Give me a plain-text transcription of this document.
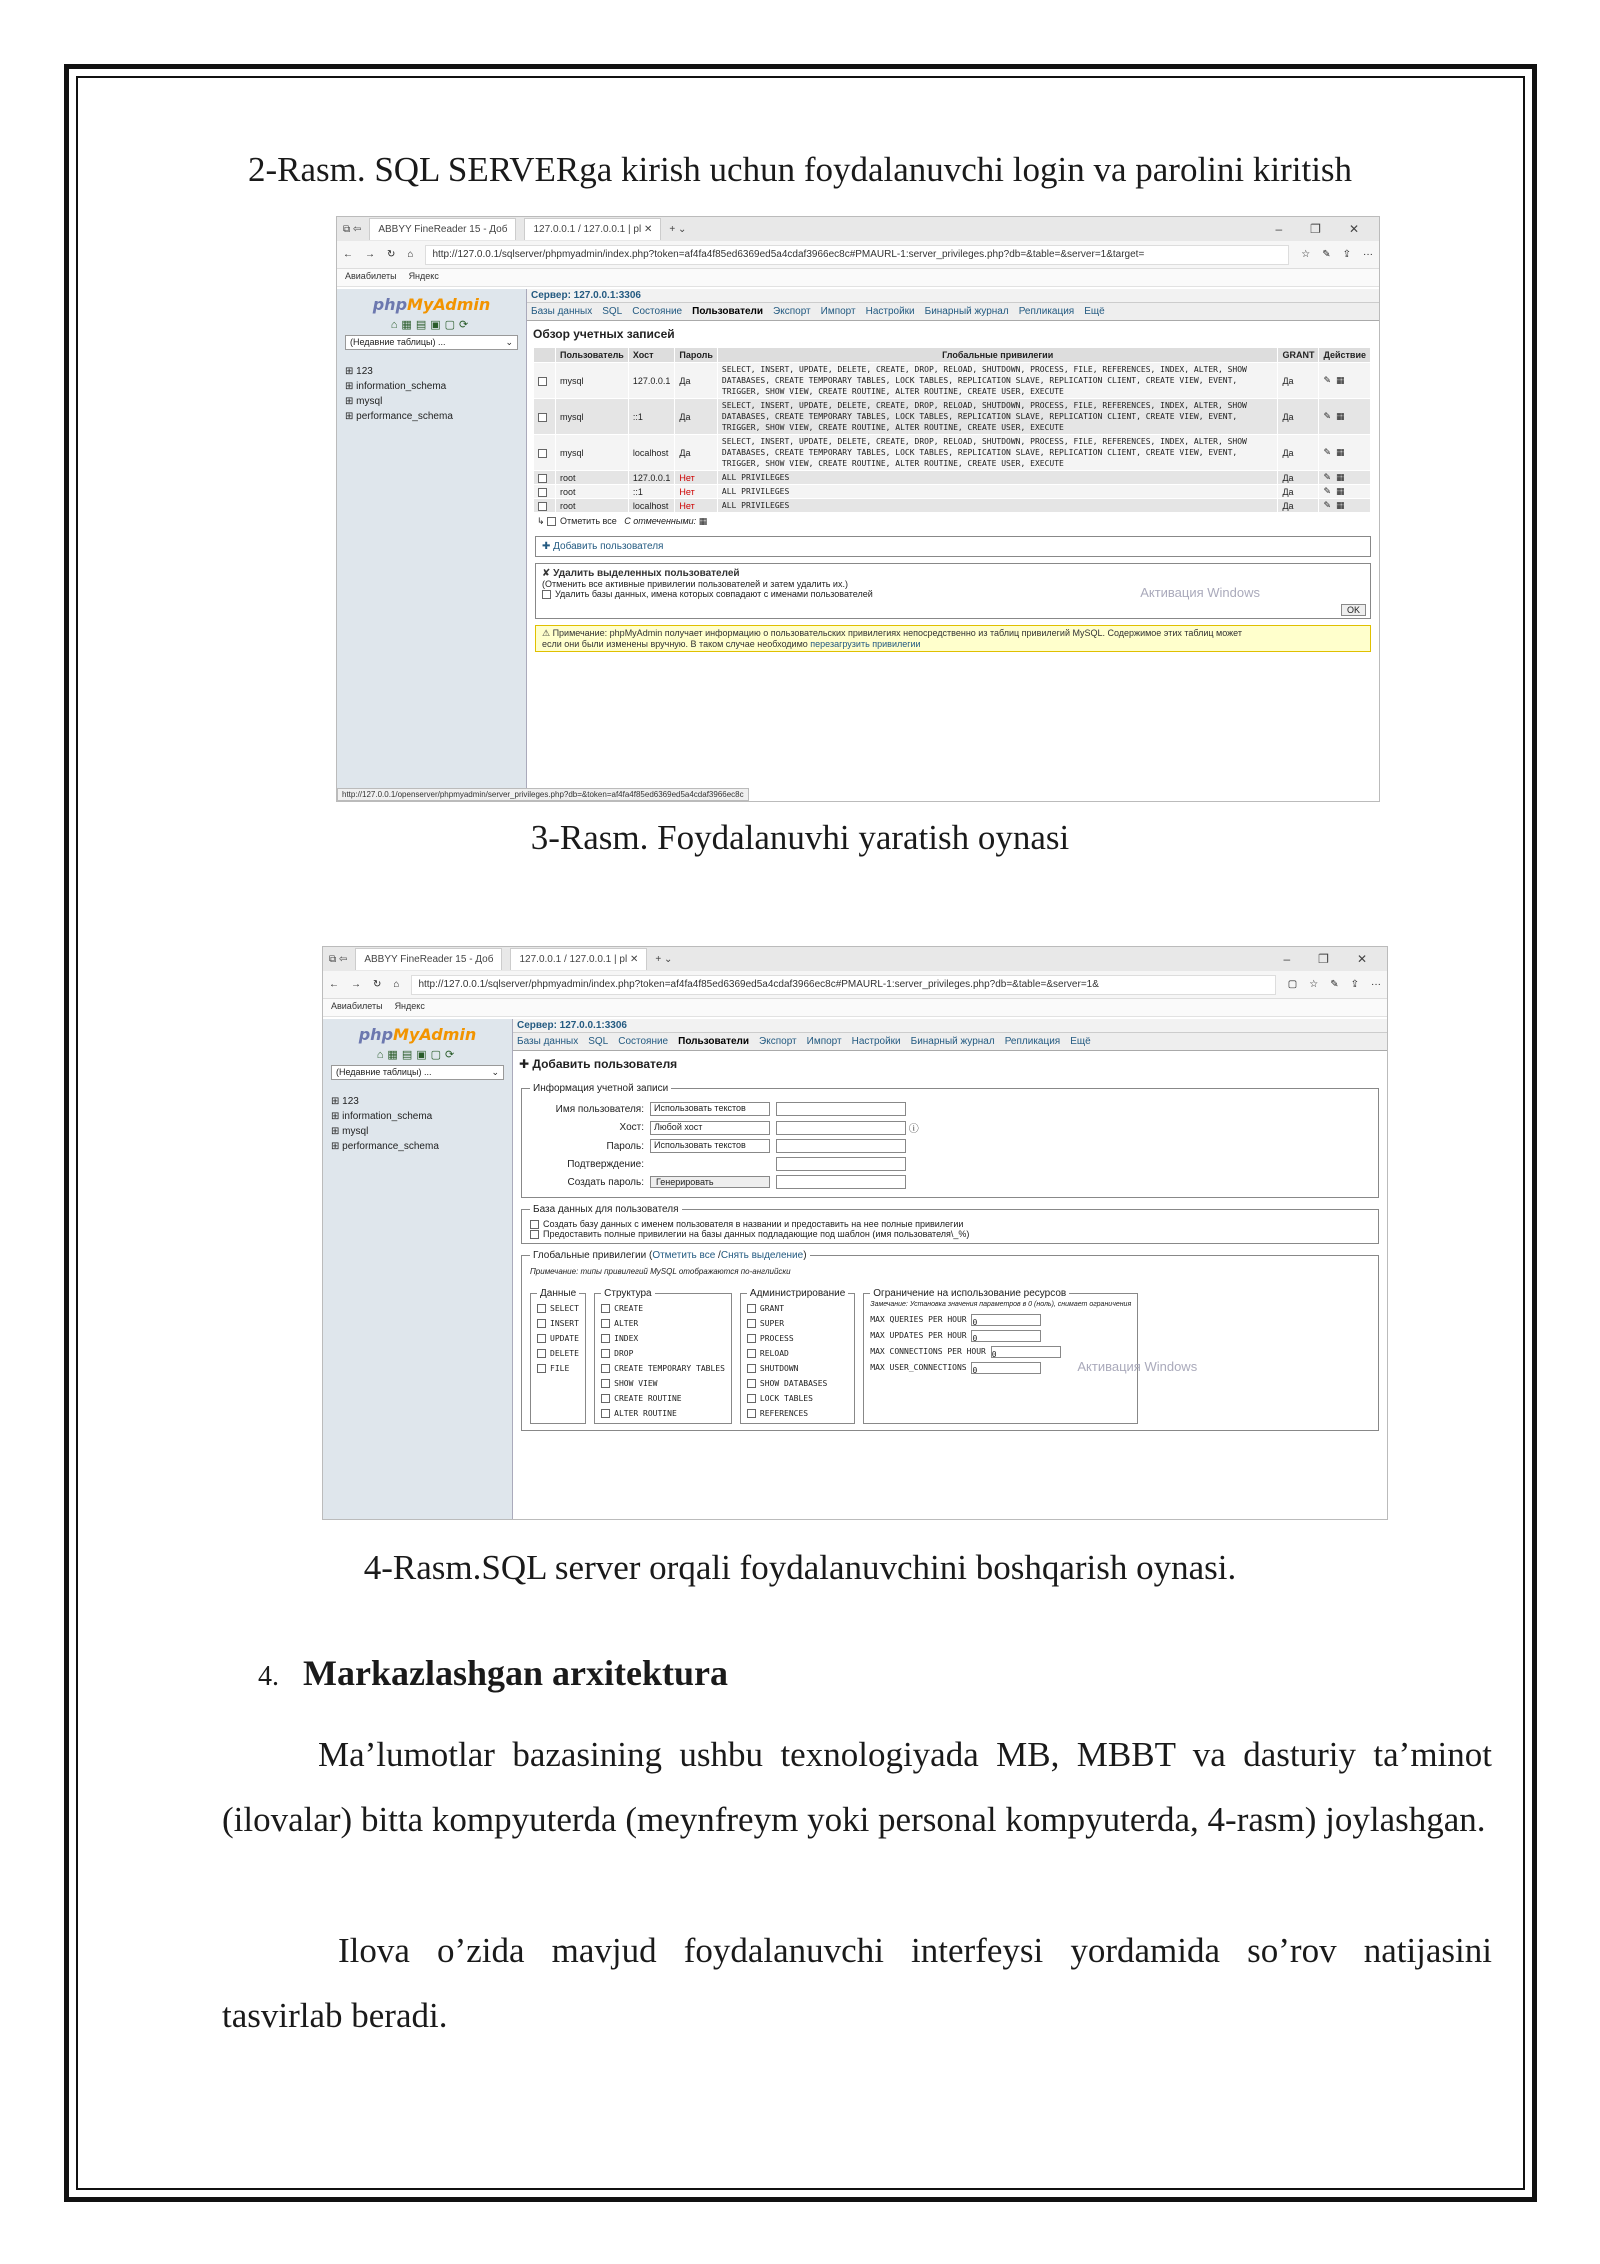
2-Rasm. SQL SERVERga kirish uchun foydalanuvchi login va parolini kiritish
⧉ ⇦	ABBYY FineReader 15 - Доб	127.0.0.1 / 127.0.0.1 | pl ✕	+ ⌄	– ❐ ✕
← → ↻ ⌂	http://127.0.0.1/sqlserver/phpmyadmin/index.php?token=af4fa4f85ed6369ed5a4cdaf3966ec8c#PMAURL-1:server_privileges.php?db=&table=&server=1&target=	☆ ✎ ⇪ ···
Авиабилеты Яндекс
phpMyAdmin
⌂▦▤▣▢⟳
(Недавние таблицы) ...	⌄
⊞ 123
⊞ information_schema
⊞ mysql
⊞ performance_schema
Сервер: 127.0.0.1:3306
Базы данных SQL Состояние Пользователи Экспорт Импорт Настройки Бинарный журнал Репликация Ещё
Обзор учетных записей
	Пользователь	Хост	Пароль	Глобальные привилегии	GRANT	Действие
	mysql	127.0.0.1	Да	SELECT, INSERT, UPDATE, DELETE, CREATE, DROP, RELOAD, SHUTDOWN, PROCESS, FILE, REFERENCES, INDEX, ALTER, SHOW DATABASES, CREATE TEMPORARY TABLES, LOCK TABLES, REPLICATION SLAVE, REPLICATION CLIENT, CREATE VIEW, EVENT, TRIGGER, SHOW VIEW, CREATE ROUTINE, ALTER ROUTINE, CREATE USER, EXECUTE	Да	✎ ▦
	mysql	::1	Да	SELECT, INSERT, UPDATE, DELETE, CREATE, DROP, RELOAD, SHUTDOWN, PROCESS, FILE, REFERENCES, INDEX, ALTER, SHOW DATABASES, CREATE TEMPORARY TABLES, LOCK TABLES, REPLICATION SLAVE, REPLICATION CLIENT, CREATE VIEW, EVENT, TRIGGER, SHOW VIEW, CREATE ROUTINE, ALTER ROUTINE, CREATE USER, EXECUTE	Да	✎ ▦
	mysql	localhost	Да	SELECT, INSERT, UPDATE, DELETE, CREATE, DROP, RELOAD, SHUTDOWN, PROCESS, FILE, REFERENCES, INDEX, ALTER, SHOW DATABASES, CREATE TEMPORARY TABLES, LOCK TABLES, REPLICATION SLAVE, REPLICATION CLIENT, CREATE VIEW, EVENT, TRIGGER, SHOW VIEW, CREATE ROUTINE, ALTER ROUTINE, CREATE USER, EXECUTE	Да	✎ ▦
	root	127.0.0.1	Нет	ALL PRIVILEGES	Да	✎ ▦
	root	::1	Нет	ALL PRIVILEGES	Да	✎ ▦
	root	localhost	Нет	ALL PRIVILEGES	Да	✎ ▦
↳ Отметить все С отмеченными: ▦
✚ Добавить пользователя
✘ Удалить выделенных пользователей
(Отменить все активные привилегии пользователей и затем удалить их.)
Удалить базы данных, имена которых совпадают с именами пользователей
OK
Активация Windows
⚠ Примечание: phpMyAdmin получает информацию о пользовательских привилегиях непосредственно из таблиц привилегий MySQL. Содержимое этих таблиц может
если они были изменены вручную. В таком случае необходимо перезагрузить привилегии
http://127.0.0.1/openserver/phpmyadmin/server_privileges.php?db=&token=af4fa4f85ed6369ed5a4cdaf3966ec8c
3-Rasm. Foydalanuvhi yaratish oynasi
⧉ ⇦	ABBYY FineReader 15 - Доб	127.0.0.1 / 127.0.0.1 | pl ✕	+ ⌄	– ❐ ✕
← → ↻ ⌂	http://127.0.0.1/sqlserver/phpmyadmin/index.php?token=af4fa4f85ed6369ed5a4cdaf3966ec8c#PMAURL-1:server_privileges.php?db=&table=&server=1&	▢ ☆ ✎ ⇪ ···
Авиабилеты Яндекс
phpMyAdmin
⌂▦▤▣▢⟳
(Недавние таблицы) ...	⌄
⊞ 123
⊞ information_schema
⊞ mysql
⊞ performance_schema
Сервер: 127.0.0.1:3306
Базы данных SQL Состояние Пользователи Экспорт Импорт Настройки Бинарный журнал Репликация Ещё
✚ Добавить пользователя
Информация учетной записи
Имя пользователя:	Использовать текстов
Хост:	Любой хост
	ⓘ
Пароль:	Использовать текстов
Подтверждение:
Создать пароль:	Генерировать
База данных для пользователя
Создать базу данных с именем пользователя в названии и предоставить на нее полные привилегии
Предоставить полные привилегии на базы данных подладающие под шаблон (имя пользователя\_%)
Глобальные привилегии (Отметить все /Снять выделение)
Примечание: типы привилегий MySQL отображаются по-английски
Данные
SELECT
INSERT
UPDATE
DELETE
FILE
Структура
CREATE
ALTER
INDEX
DROP
CREATE TEMPORARY TABLES
SHOW VIEW
CREATE ROUTINE
ALTER ROUTINE
Администрирование
GRANT
SUPER
PROCESS
RELOAD
SHUTDOWN
SHOW DATABASES
LOCK TABLES
REFERENCES
Ограничение на использование ресурсов
Замечание: Установка значения параметров в 0 (ноль), снимает ограничения
MAX QUERIES PER HOUR 0
MAX UPDATES PER HOUR 0
MAX CONNECTIONS PER HOUR 0
MAX USER_CONNECTIONS 0	Активация Windows
4-Rasm.SQL server orqali foydalanuvchini boshqarish oynasi.
4. Markazlashgan arxitektura

Ma’lumotlar bazasining ushbu texnologiyada MB, MBBT va dasturiy ta’minot (ilovalar) bitta kompyuterda (meynfreym yoki personal kompyuterda, 4-rasm) joylashgan.

Ilova o’zida mavjud foydalanuvchi interfeysi yordamida so’rov natijasini tasvirlab beradi.
